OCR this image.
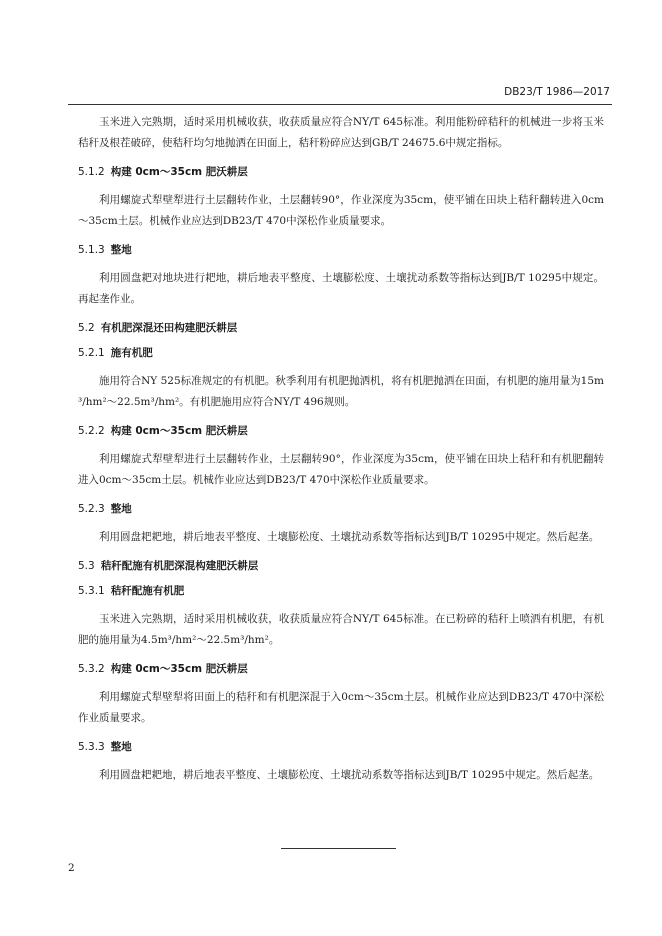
DB23/T 1986—2017

玉米进入完熟期，适时采用机械收获，收获质量应符合NY/T 645标准。利用能粉碎秸秆的机械进一步将玉米秸秆及根茬破碎，使秸秆均匀地抛洒在田面上，秸秆粉碎应达到GB/T 24675.6中规定指标。

5.1.2 构建 0cm～35cm 肥沃耕层

利用螺旋式犁壁犁进行土层翻转作业，土层翻转90°，作业深度为35cm，使平铺在田块上秸秆翻转进入0cm～35cm土层。机械作业应达到DB23/T 470中深松作业质量要求。

5.1.3 整地

利用圆盘耙对地块进行耙地，耕后地表平整度、土壤膨松度、土壤扰动系数等指标达到JB/T 10295中规定。再起垄作业。

5.2 有机肥深混还田构建肥沃耕层
5.2.1 施有机肥

施用符合NY 525标准规定的有机肥。秋季利用有机肥抛洒机，将有机肥抛洒在田面，有机肥的施用量为15m³/hm²～22.5m³/hm²。有机肥施用应符合NY/T 496规则。

5.2.2 构建 0cm～35cm 肥沃耕层

利用螺旋式犁壁犁进行土层翻转作业，土层翻转90°，作业深度为35cm，使平铺在田块上秸秆和有机肥翻转进入0cm～35cm土层。机械作业应达到DB23/T 470中深松作业质量要求。

5.2.3 整地

利用圆盘耙耙地，耕后地表平整度、土壤膨松度、土壤扰动系数等指标达到JB/T 10295中规定。然后起垄。

5.3 秸秆配施有机肥深混构建肥沃耕层
5.3.1 秸秆配施有机肥

玉米进入完熟期，适时采用机械收获，收获质量应符合NY/T 645标准。在已粉碎的秸秆上喷洒有机肥，有机肥的施用量为4.5m³/hm²～22.5m³/hm²。

5.3.2 构建 0cm～35cm 肥沃耕层

利用螺旋式犁壁犁将田面上的秸秆和有机肥深混于入0cm～35cm土层。机械作业应达到DB23/T 470中深松作业质量要求。

5.3.3 整地

利用圆盘耙耙地，耕后地表平整度、土壤膨松度、土壤扰动系数等指标达到JB/T 10295中规定。然后起垄。

2
